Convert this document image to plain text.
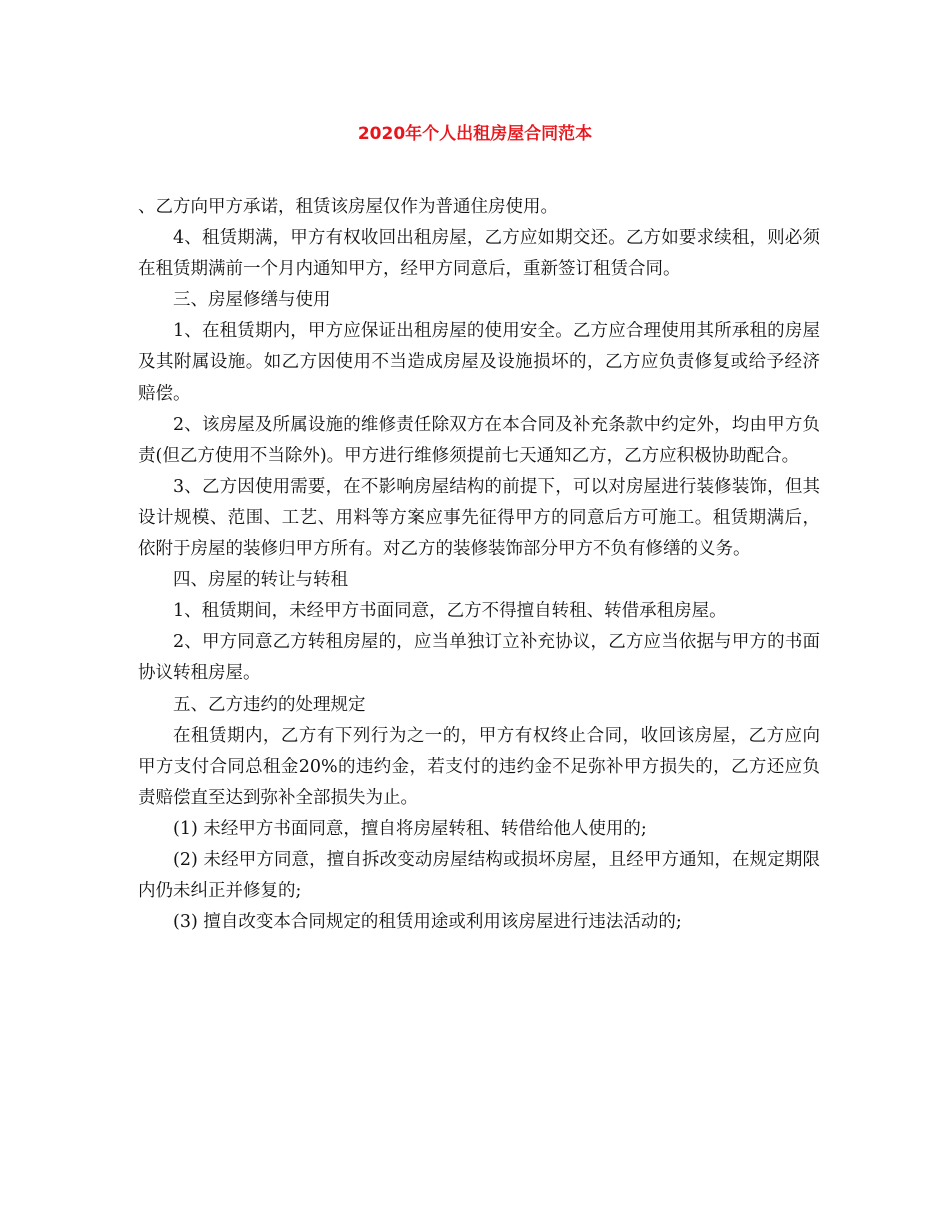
2020年个人出租房屋合同范本

、乙方向甲方承诺，租赁该房屋仅作为普通住房使用。

4、租赁期满，甲方有权收回出租房屋，乙方应如期交还。乙方如要求续租，则必须在租赁期满前一个月内通知甲方，经甲方同意后，重新签订租赁合同。

三、房屋修缮与使用

1、在租赁期内，甲方应保证出租房屋的使用安全。乙方应合理使用其所承租的房屋及其附属设施。如乙方因使用不当造成房屋及设施损坏的，乙方应负责修复或给予经济赔偿。

2、该房屋及所属设施的维修责任除双方在本合同及补充条款中约定外，均由甲方负责(但乙方使用不当除外)。甲方进行维修须提前七天通知乙方，乙方应积极协助配合。

3、乙方因使用需要，在不影响房屋结构的前提下，可以对房屋进行装修装饰，但其设计规模、范围、工艺、用料等方案应事先征得甲方的同意后方可施工。租赁期满后，依附于房屋的装修归甲方所有。对乙方的装修装饰部分甲方不负有修缮的义务。

四、房屋的转让与转租

1、租赁期间，未经甲方书面同意，乙方不得擅自转租、转借承租房屋。

2、甲方同意乙方转租房屋的，应当单独订立补充协议，乙方应当依据与甲方的书面协议转租房屋。

五、乙方违约的处理规定

在租赁期内，乙方有下列行为之一的，甲方有权终止合同，收回该房屋，乙方应向甲方支付合同总租金20%的违约金，若支付的违约金不足弥补甲方损失的，乙方还应负责赔偿直至达到弥补全部损失为止。

(1) 未经甲方书面同意，擅自将房屋转租、转借给他人使用的;

(2) 未经甲方同意，擅自拆改变动房屋结构或损坏房屋，且经甲方通知，在规定期限内仍未纠正并修复的;

(3) 擅自改变本合同规定的租赁用途或利用该房屋进行违法活动的;
